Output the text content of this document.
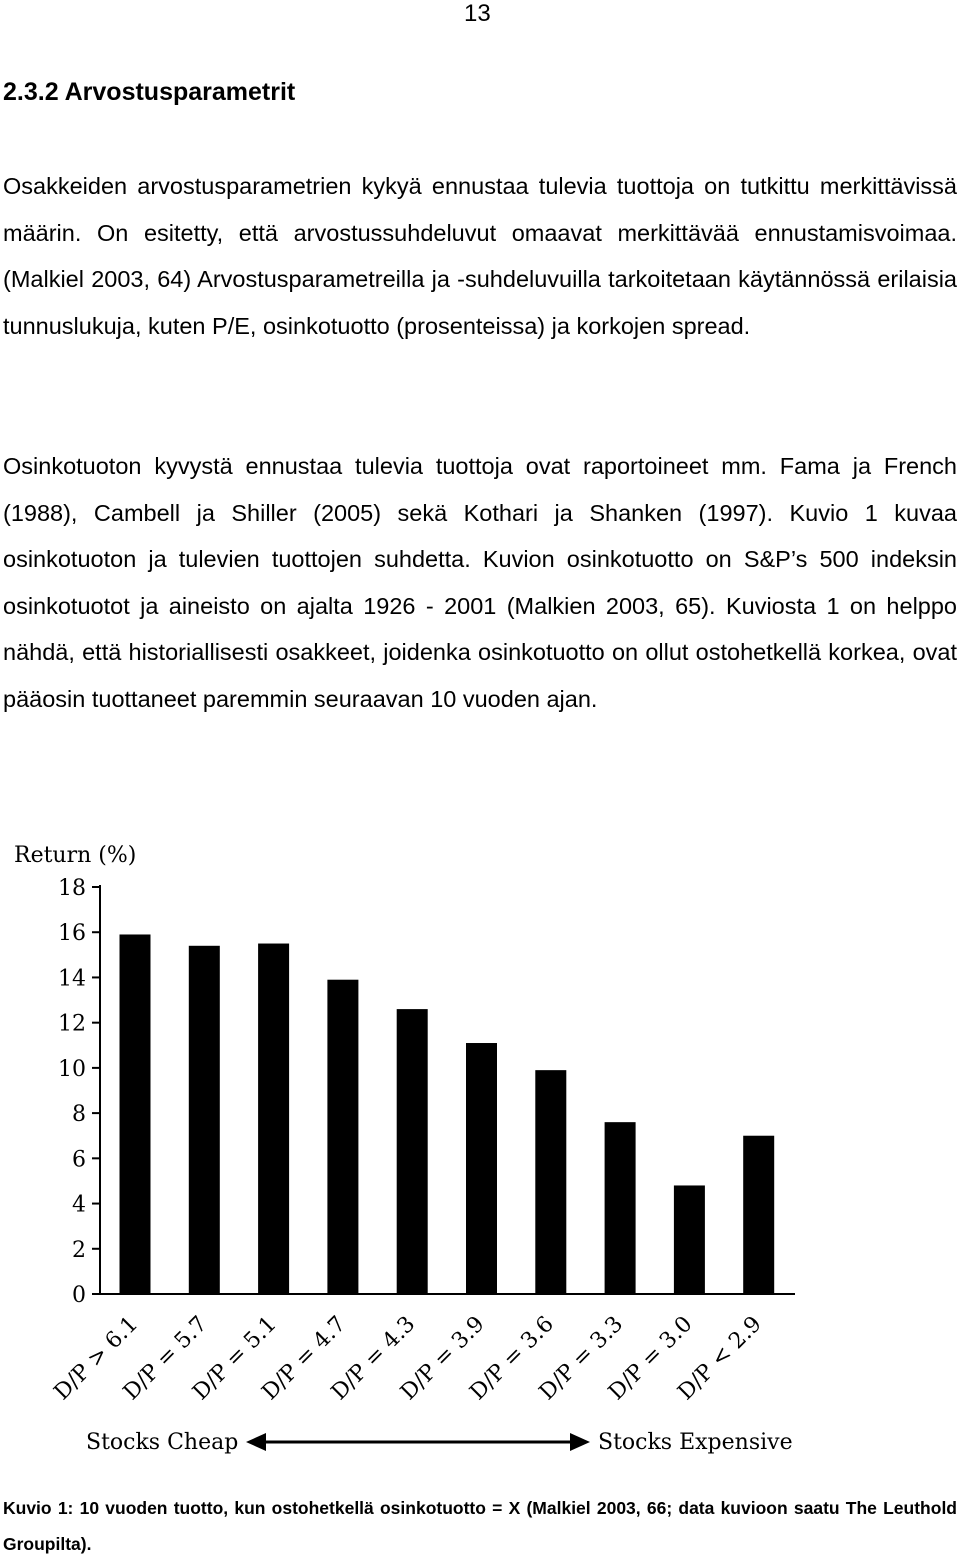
13
2.3.2 Arvostusparametrit

Osakkeiden arvostusparametrien kykyä ennustaa tulevia tuottoja on tutkittu merkittävissä määrin. On esitetty, että arvostussuhdeluvut omaavat merkittävää ennustamisvoimaa. (Malkiel 2003, 64) Arvostusparametreilla ja -suhdeluvuilla tarkoitetaan käytännössä erilaisia tunnuslukuja, kuten P/E, osinkotuotto (prosenteissa) ja korkojen spread.

Osinkotuoton kyvystä ennustaa tulevia tuottoja ovat raportoineet mm. Fama ja French (1988), Cambell ja Shiller (2005) sekä Kothari ja Shanken (1997). Kuvio 1 kuvaa osinkotuoton ja tulevien tuottojen suhdetta. Kuvion osinkotuotto on S&P’s 500 indeksin osinkotuotot ja aineisto on ajalta 1926 - 2001 (Malkien 2003, 65). Kuviosta 1 on helppo nähdä, että historiallisesti osakkeet, joidenka osinkotuotto on ollut ostohetkellä korkea, ovat pääosin tuottaneet paremmin seuraavan 10 vuoden ajan.

Return (%)
0
2
4
6
8
10
12
14
16
18
D/P > 6.1
D/P = 5.7
D/P = 5.1
D/P = 4.7
D/P = 4.3
D/P = 3.9
D/P = 3.6
D/P = 3.3
D/P = 3.0
D/P < 2.9
Stocks Cheap	Stocks Expensive

Kuvio 1: 10 vuoden tuotto, kun ostohetkellä osinkotuotto = X (Malkiel 2003, 66; data kuvioon saatu The Leuthold Groupilta).
